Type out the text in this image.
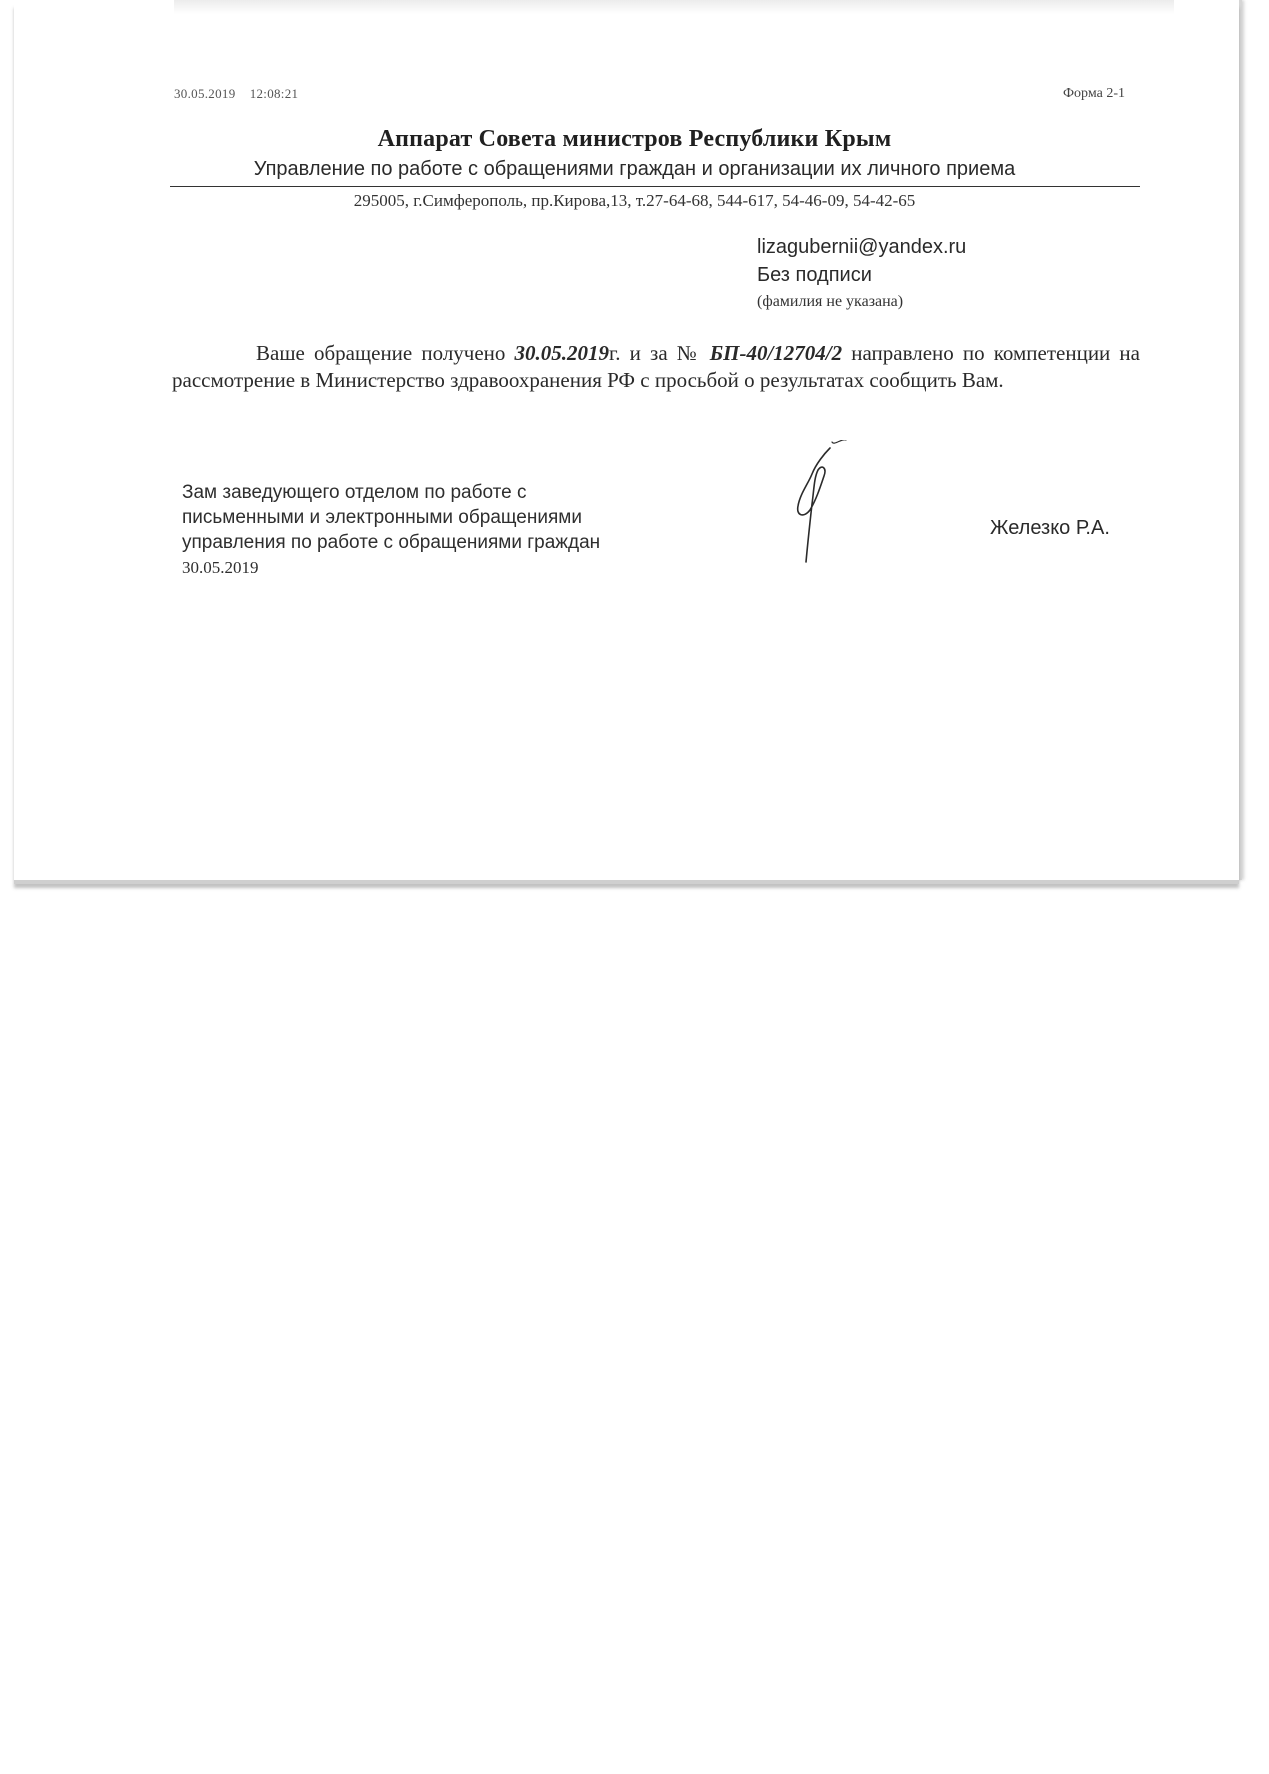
30.05.2019    12:08:21	Форма 2-1
Аппарат Совета министров Республики Крым
Управление по работе с обращениями граждан и организации их личного приема
295005, г.Симферополь, пр.Кирова,13, т.27-64-68, 544-617, 54-46-09, 54-42-65
lizagubernii@yandex.ru
Без подписи
(фамилия не указана)
Ваше обращение получено 30.05.2019г. и за № БП-40/12704/2 направлено по компетенции на рассмотрение в Министерство здравоохранения РФ с просьбой о результатах сообщить Вам.
Зам заведующего отделом по работе с
письменными и электронными обращениями
управления по работе с обращениями граждан
30.05.2019
Железко Р.А.
